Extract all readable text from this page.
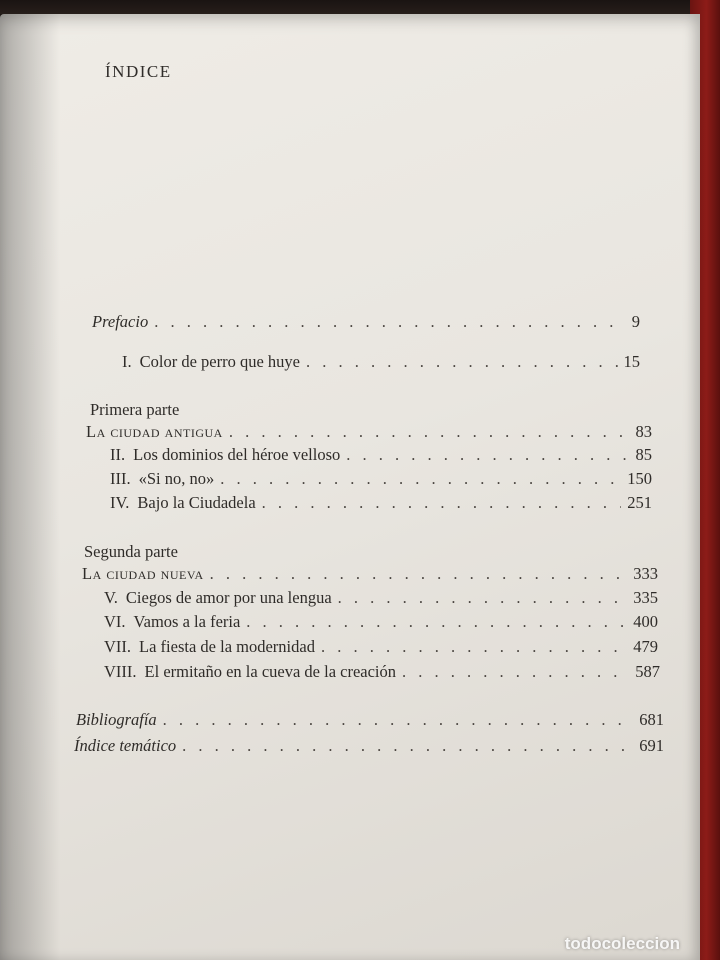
ÍNDICE
Prefacio . . .	9
I. Color de perro que huye . . .	15
Primera parte
La ciudad antigua . . .	83
II. Los dominios del héroe velloso . . .	85
III. «Si no, no» . . .	150
IV. Bajo la Ciudadela . . .	251
Segunda parte
La ciudad nueva . . .	333
V. Ciegos de amor por una lengua . . .	335
VI. Vamos a la feria . . .	400
VII. La fiesta de la modernidad . . .	479
VIII. El ermitaño en la cueva de la creación . . .	587
Bibliografía . . .	681
Índice temático . . .	691
todocoleccion
